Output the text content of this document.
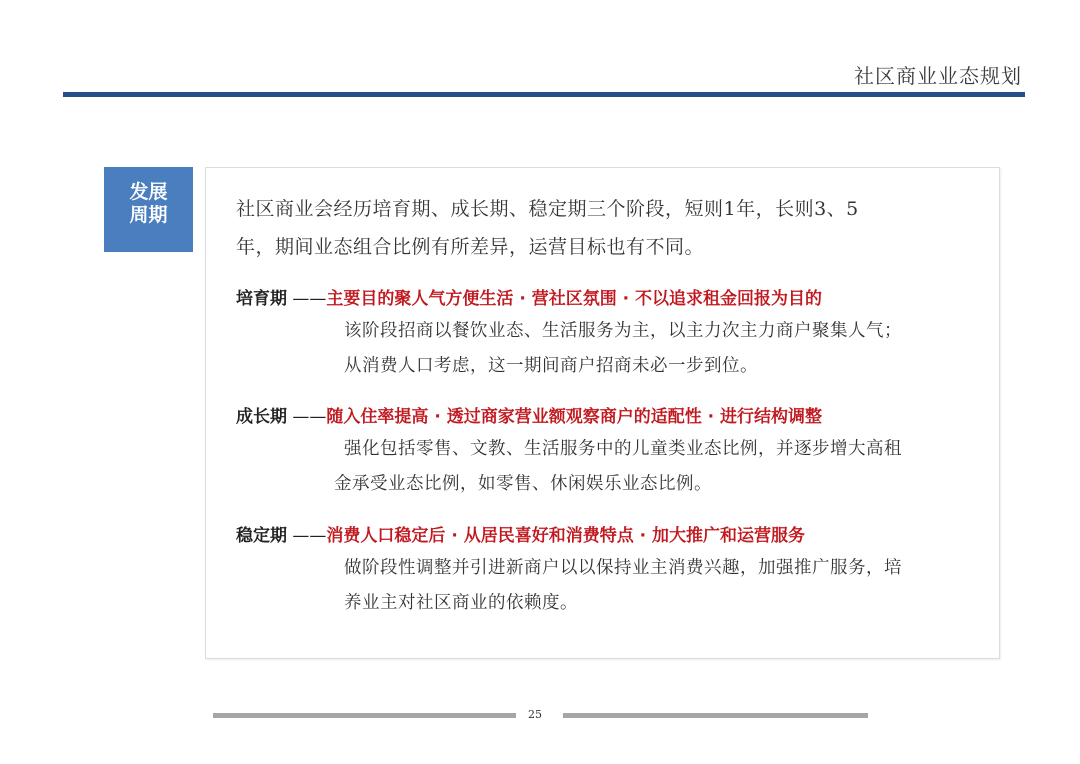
社区商业业态规划
发展
周期	社区商业会经历培育期、成长期、稳定期三个阶段，短则1年，长则3、5
年，期间业态组合比例有所差异，运营目标也有不同。
培育期 ——主要目的聚人气方便生活 · 营社区氛围 · 不以追求租金回报为目的
该阶段招商以餐饮业态、生活服务为主，以主力次主力商户聚集人气；
从消费人口考虑，这一期间商户招商未必一步到位。
成长期 ——随入住率提高 · 透过商家营业额观察商户的适配性 · 进行结构调整
强化包括零售、文教、生活服务中的儿童类业态比例，并逐步增大高租
金承受业态比例，如零售、休闲娱乐业态比例。
稳定期 ——消费人口稳定后 · 从居民喜好和消费特点 · 加大推广和运营服务
做阶段性调整并引进新商户以以保持业主消费兴趣，加强推广服务，培
养业主对社区商业的依赖度。
25
